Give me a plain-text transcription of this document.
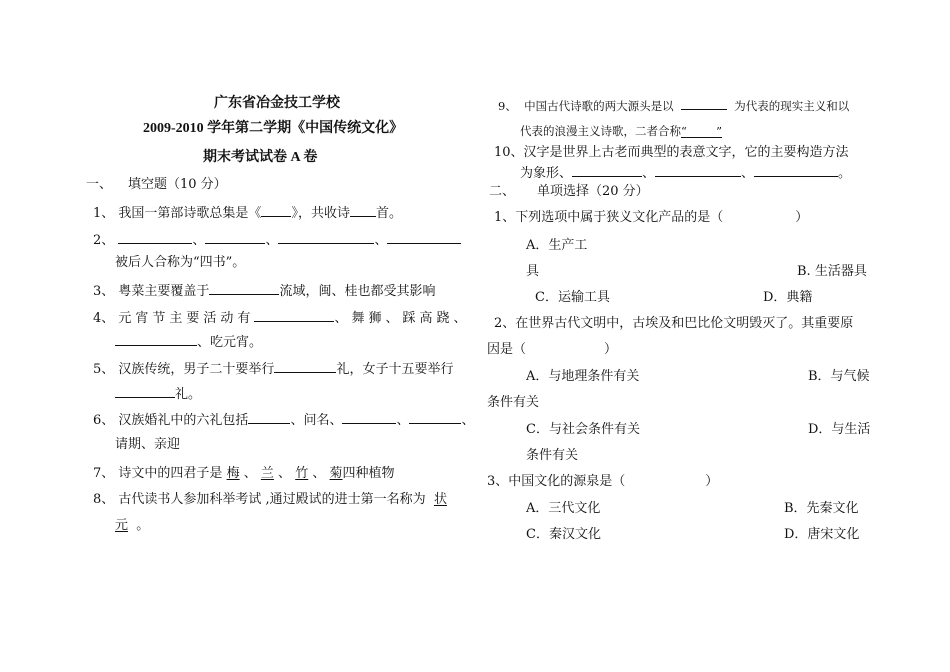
广东省冶金技工学校
2009-2010 学年第二学期《中国传统文化》
期末考试试卷 A 卷
一、 填空题（10 分）
1、 我国一第部诗歌总集是《 》，共收诗 首。
2、	、	、	、
被后人合称为“四书”。
3、 粤菜主要覆盖于	流域，闽、桂也都受其影响
4、 元宵节主要活动有	、舞狮、踩高跷、
、吃元宵。
5、 汉族传统，男子二十要举行	礼，女子十五要举行
礼。
6、 汉族婚礼中的六礼包括	、问名、	、	、
请期、亲迎
7、 诗文中的四君子是 梅 、 兰 、 竹 、 菊四种植物
8、 古代读书人参加科举考试 ,通过殿试的进士第一名称为 状
元 。
9、 中国古代诗歌的两大源头是以	为代表的现实主义和以
代表的浪漫主义诗歌，二者合称“	”
10、汉字是世界上古老而典型的表意文字，它的主要构造方法
为象形、	、	、	。
二、 单项选择（20 分）
1、下列选项中属于狭义文化产品的是（	）
A．生产工
具	B. 生活器具
C．运输工具	D．典籍
2、在世界古代文明中，古埃及和巴比伦文明毁灭了。其重要原
因是（	）
A．与地理条件有关	B．与气候
条件有关
C．与社会条件有关	D．与生活
条件有关
3、中国文化的源泉是（	）
A．三代文化	B．先秦文化
C．秦汉文化	D．唐宋文化
